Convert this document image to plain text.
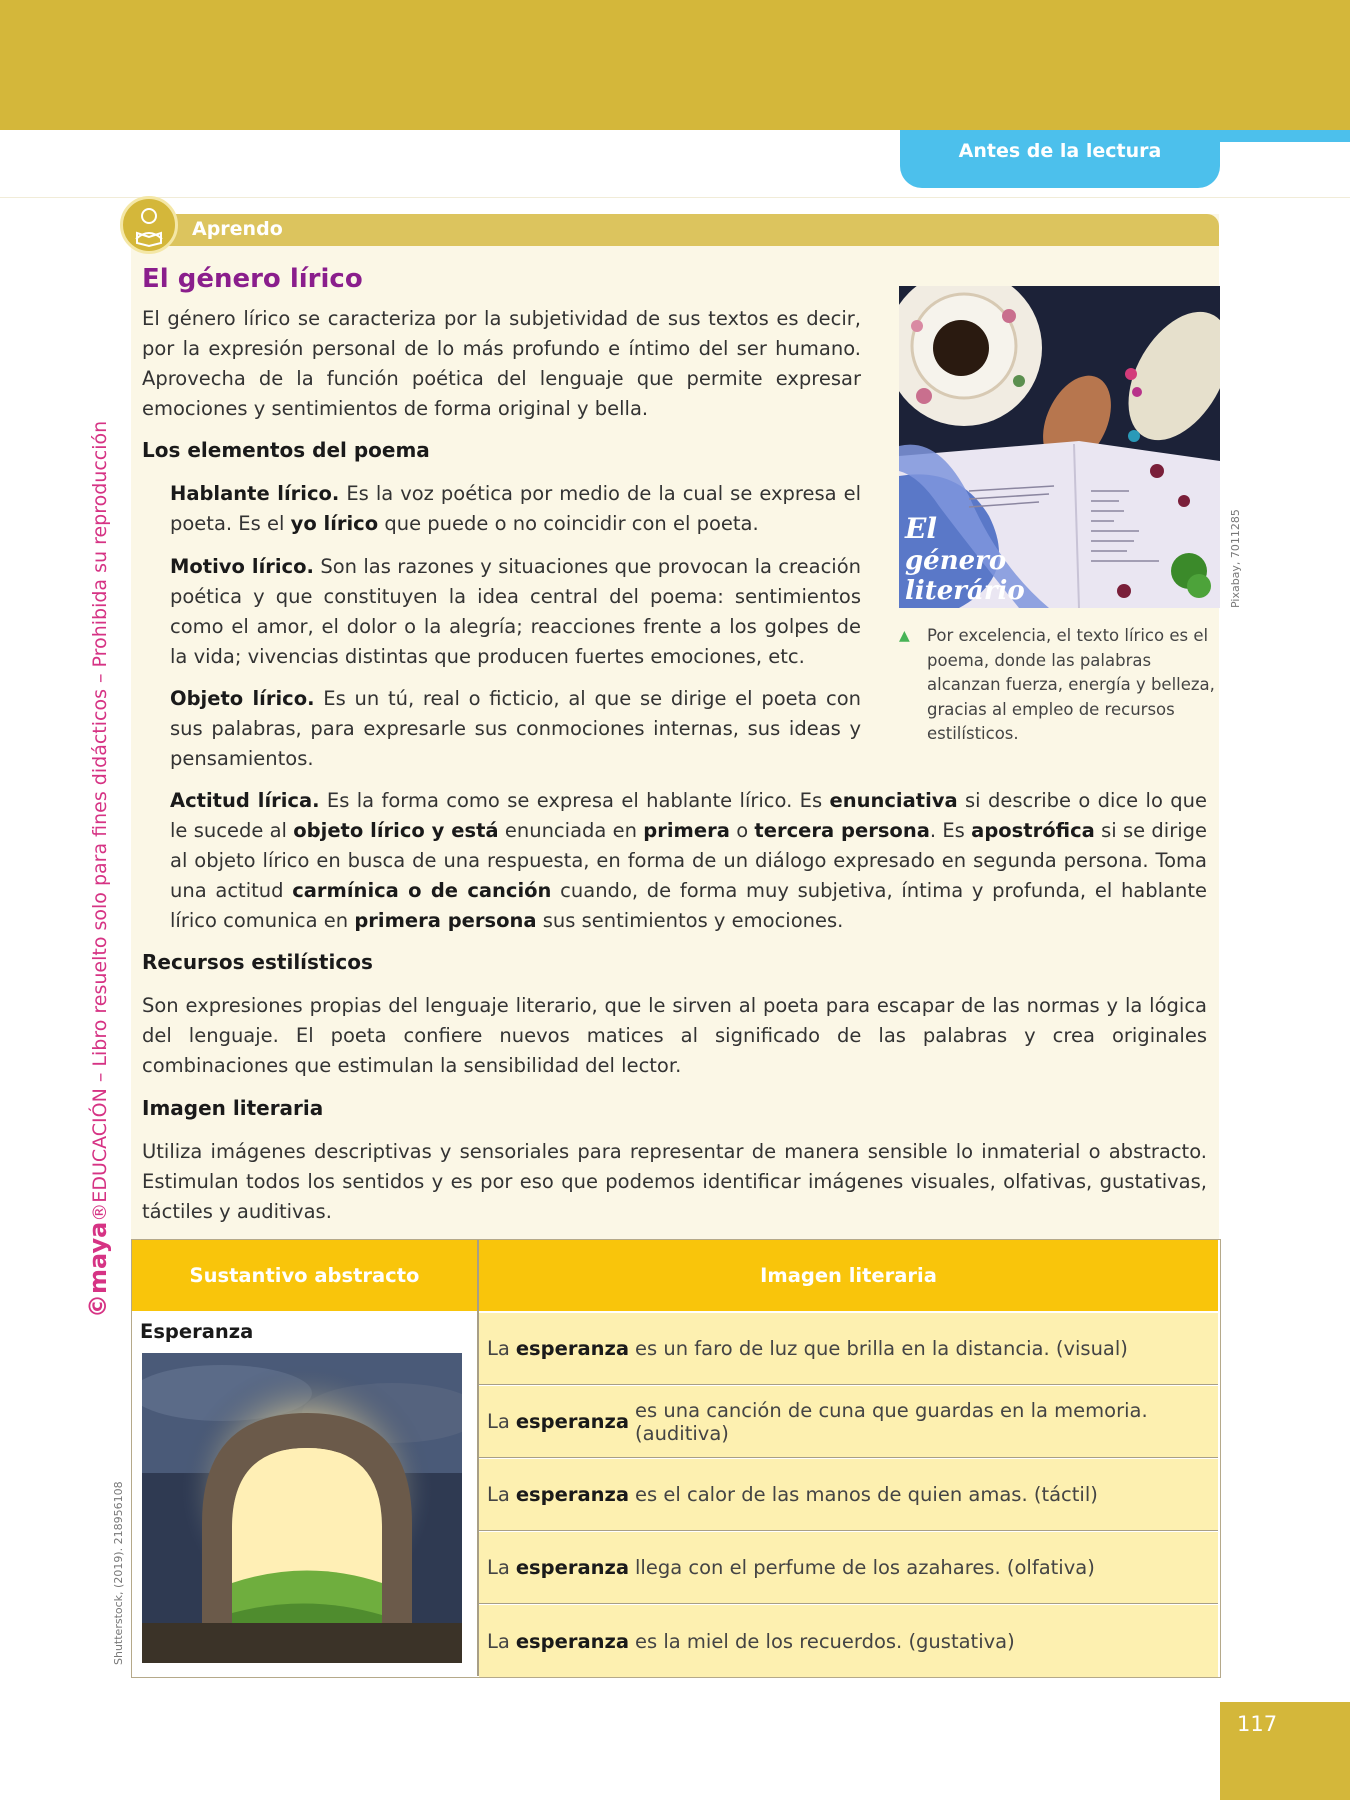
Antes de la lectura
Aprendo
El género lírico
El género lírico se caracteriza por la subjetividad de sus textos es decir, por la expresión personal de lo más profundo e íntimo del ser humano. Aprovecha de la función poética del lenguaje que permite expresar emociones y sentimientos de forma original y bella.
Los elementos del poema
Hablante lírico. Es la voz poética por medio de la cual se expresa el poeta. Es el yo lírico que puede o no coincidir con el poeta.
Motivo lírico. Son las razones y situaciones que provocan la creación poética y que constituyen la idea central del poema: sentimientos como el amor, el dolor o la alegría; reacciones frente a los golpes de la vida; vivencias distintas que producen fuertes emociones, etc.
Objeto lírico. Es un tú, real o ficticio, al que se dirige el poeta con sus palabras, para expresarle sus conmociones internas, sus ideas y pensamientos.
Actitud lírica. Es la forma como se expresa el hablante lírico. Es enunciativa si describe o dice lo que le sucede al objeto lírico y está enunciada en primera o tercera persona. Es apostrófica si se dirige al objeto lírico en busca de una respuesta, en forma de un diálogo expresado en segunda persona. Toma una actitud carmínica o de canción cuando, de forma muy subjetiva, íntima y profunda, el hablante lírico comunica en primera persona sus sentimientos y emociones.
Recursos estilísticos
Son expresiones propias del lenguaje literario, que le sirven al poeta para escapar de las normas y la lógica del lenguaje. El poeta confiere nuevos matices al significado de las palabras y crea originales combinaciones que estimulan la sensibilidad del lector.
Imagen literaria
Utiliza imágenes descriptivas y sensoriales para representar de manera sensible lo inmaterial o abstracto. Estimulan todos los sentidos y es por eso que podemos identificar imágenes visuales, olfativas, gustativas, táctiles y auditivas.
El
género
literário	Pixabay, 7011285
▲	Por excelencia, el texto lírico es el poema, donde las palabras alcanzan fuerza, energía y belleza, gracias al empleo de recursos estilísticos.
©maya®EDUCACIÓN – Libro resuelto solo para fines didácticos – Prohibida su reproducción
Sustantivo abstracto	Imagen literaria
Esperanza
Shutterstock, (2019). 218956108
La esperanza es un faro de luz que brilla en la distancia. (visual)
La esperanza es una canción de cuna que guardas en la memoria. (auditiva)
La esperanza es el calor de las manos de quien amas. (táctil)
La esperanza llega con el perfume de los azahares. (olfativa)
La esperanza es la miel de los recuerdos. (gustativa)
117
